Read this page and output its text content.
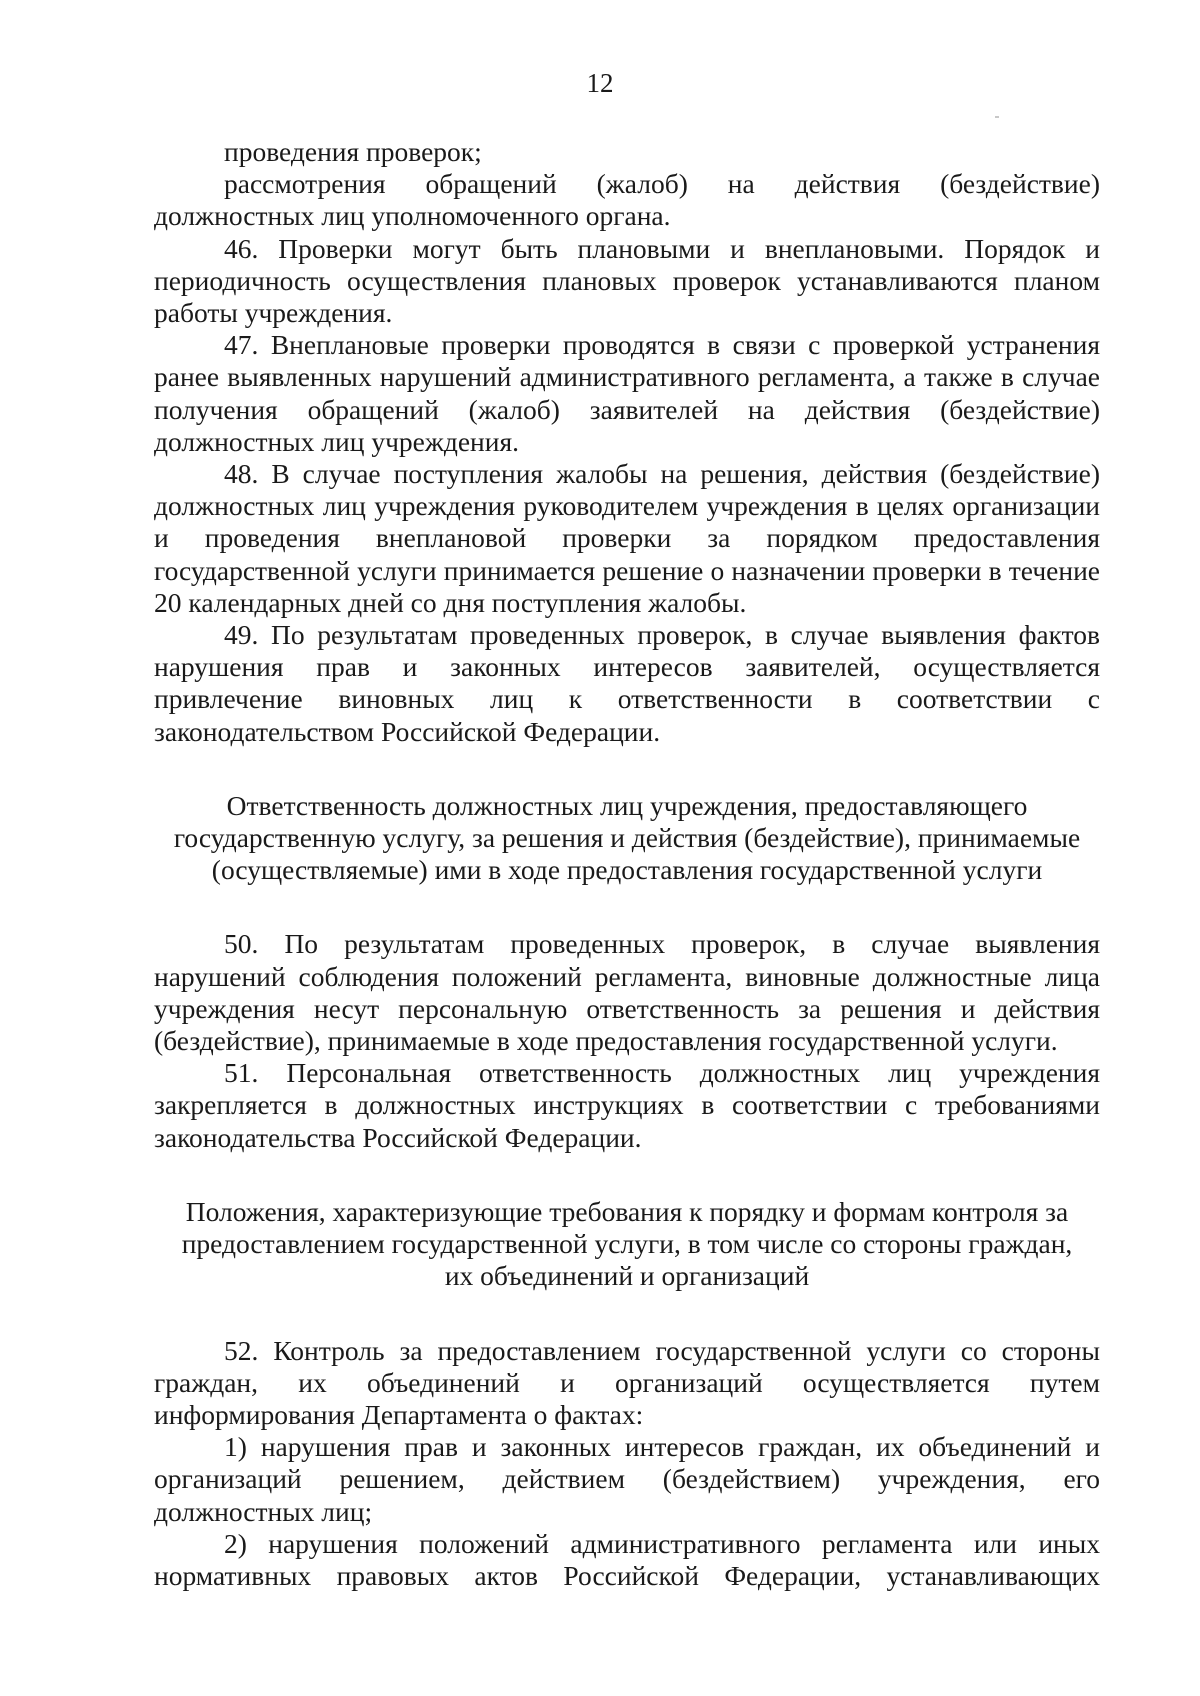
12

проведения проверок;

рассмотрения обращений (жалоб) на действия (бездействие) должностных лиц уполномоченного органа.

46. Проверки могут быть плановыми и внеплановыми. Порядок и периодичность осуществления плановых проверок устанавливаются планом работы учреждения.

47. Внеплановые проверки проводятся в связи с проверкой устранения ранее выявленных нарушений административного регламента, а также в случае получения обращений (жалоб) заявителей на действия (бездействие) должностных лиц учреждения.

48. В случае поступления жалобы на решения, действия (бездействие) должностных лиц учреждения руководителем учреждения в целях организации и проведения внеплановой проверки за порядком предоставления государственной услуги принимается решение о назначении проверки в течение 20 календарных дней со дня поступления жалобы.

49. По результатам проведенных проверок, в случае выявления фактов нарушения прав и законных интересов заявителей, осуществляется привлечение виновных лиц к ответственности в соответствии с законодательством Российской Федерации.

Ответственность должностных лиц учреждения, предоставляющего
государственную услугу, за решения и действия (бездействие), принимаемые
(осуществляемые) ими в ходе предоставления государственной услуги

50. По результатам проведенных проверок, в случае выявления нарушений соблюдения положений регламента, виновные должностные лица учреждения несут персональную ответственность за решения и действия (бездействие), принимаемые в ходе предоставления государственной услуги.

51. Персональная ответственность должностных лиц учреждения закрепляется в должностных инструкциях в соответствии с требованиями законодательства Российской Федерации.

Положения, характеризующие требования к порядку и формам контроля за
предоставлением государственной услуги, в том числе со стороны граждан,
их объединений и организаций

52. Контроль за предоставлением государственной услуги со стороны граждан, их объединений и организаций осуществляется путем информирования Департамента о фактах:

1) нарушения прав и законных интересов граждан, их объединений и организаций решением, действием (бездействием) учреждения, его должностных лиц;

2) нарушения положений административного регламента или иных нормативных правовых актов Российской Федерации, устанавливающих
